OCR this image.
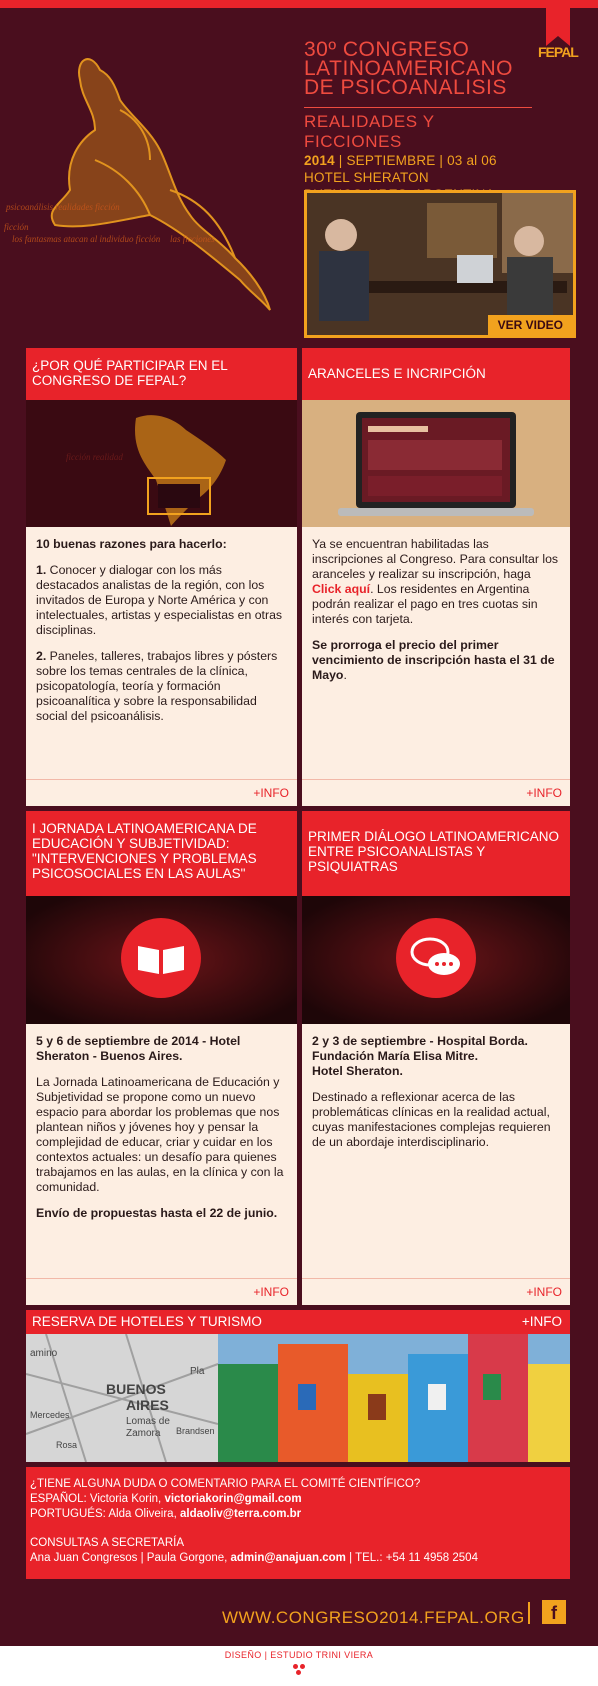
FEPAL
psicoanálisis realidades ficción
ficción
los fantasmas atacan al individuo ficción las ficciones
30º CONGRESO
LATINOAMERICANO
DE PSICOANALISIS
REALIDADES Y FICCIONES
2014 | SEPTIEMBRE | 03 al 06
HOTEL SHERATON
VER VIDEO
¿POR QUÉ PARTICIPAR EN EL CONGRESO DE FEPAL?
ficción realidad

10 buenas razones para hacerlo:

1. Conocer y dialogar con los más destacados analistas de la región, con los invitados de Europa y Norte América y con intelectuales, artistas y especialistas en otras disciplinas.

2. Paneles, talleres, trabajos libres y pósters sobre los temas centrales de la clínica, psicopatología, teoría y formación psicoanalítica y sobre la responsabilidad social del psicoanálisis.

+INFO
ARANCELES E INCRIPCIÓN

Ya se encuentran habilitadas las inscripciones al Congreso. Para consultar los aranceles y realizar su inscripción, haga Click aquí. Los residentes en Argentina podrán realizar el pago en tres cuotas sin interés con tarjeta.

Se prorroga el precio del primer vencimiento de inscripción hasta el 31 de Mayo.

+INFO
I JORNADA LATINOAMERICANA DE EDUCACIÓN Y SUBJETIVIDAD: "INTERVENCIONES Y PROBLEMAS PSICOSOCIALES EN LAS AULAS"

5 y 6 de septiembre de 2014 - Hotel Sheraton - Buenos Aires.

La Jornada Latinoamericana de Educación y Subjetividad se propone como un nuevo espacio para abordar los problemas que nos plantean niños y jóvenes hoy y pensar la complejidad de educar, criar y cuidar en los contextos actuales: un desafío para quienes trabajamos en las aulas, en la clínica y con la comunidad.

Envío de propuestas hasta el 22 de junio.

+INFO
PRIMER DIÁLOGO LATINOAMERICANO ENTRE PSICOANALISTAS Y PSIQUIATRAS

2 y 3 de septiembre - Hospital Borda.

Fundación María Elisa Mitre.

Hotel Sheraton.

Destinado a reflexionar acerca de las problemáticas clínicas en la realidad actual, cuyas manifestaciones complejas requieren de un abordaje interdisciplinario.

+INFO
RESERVA DE HOTELES Y TURISMO	+INFO
amino
BUENOS
AIRES
Lomas de
Zamora
Mercedes
Pla
Rosa
Brandsen
¿TIENE ALGUNA DUDA O COMENTARIO PARA EL COMITÉ CIENTÍFICO?
ESPAÑOL: Victoria Korin, victoriakorin@gmail.com
PORTUGUÉS: Alda Oliveira, aldaoliv@terra.com.br
CONSULTAS A SECRETARÍA
Ana Juan Congresos | Paula Gorgone, admin@anajuan.com | TEL.: +54 11 4958 2504
WWW.CONGRESO2014.FEPAL.ORG	f
DISEÑO | ESTUDIO TRINI VIERA
